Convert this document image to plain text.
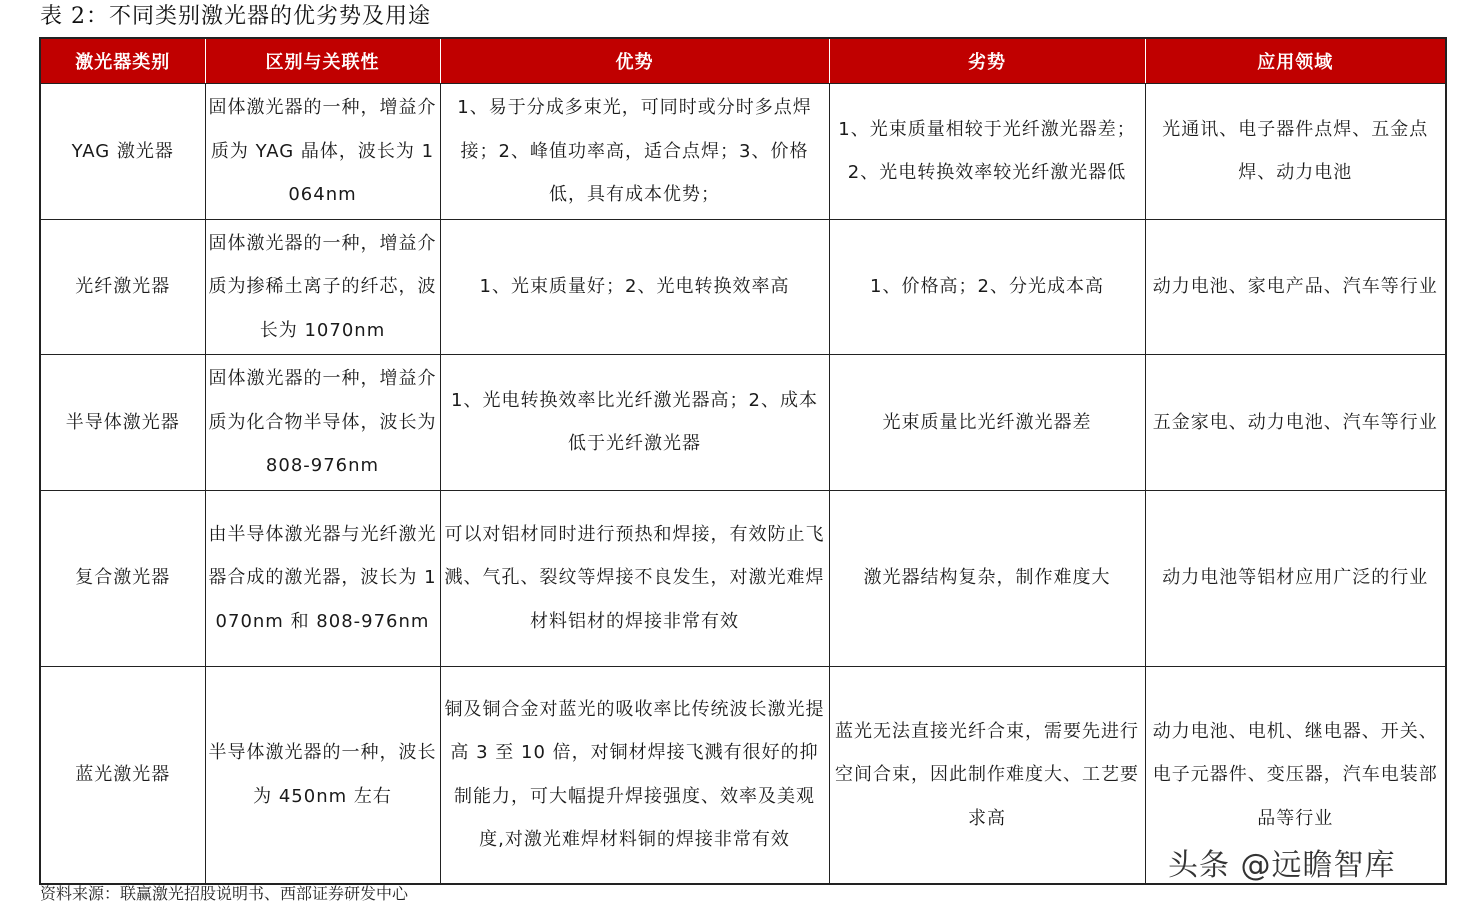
表 2：不同类别激光器的优劣势及用途
激光器类别	区别与关联性	优势	劣势	应用领域
YAG 激光器	固体激光器的一种，增益介质为 YAG 晶体，波长为 1064nm	1、易于分成多束光，可同时或分时多点焊接；2、峰值功率高，适合点焊；3、价格低，具有成本优势；	1、光束质量相较于光纤激光器差；2、光电转换效率较光纤激光器低	光通讯、电子器件点焊、五金点焊、动力电池
光纤激光器	固体激光器的一种，增益介质为掺稀土离子的纤芯，波长为 1070nm	1、光束质量好；2、光电转换效率高	1、价格高；2、分光成本高	动力电池、家电产品、汽车等行业
半导体激光器	固体激光器的一种，增益介质为化合物半导体，波长为 808-976nm	1、光电转换效率比光纤激光器高；2、成本低于光纤激光器	光束质量比光纤激光器差	五金家电、动力电池、汽车等行业
复合激光器	由半导体激光器与光纤激光器合成的激光器，波长为 1070nm 和 808-976nm	可以对铝材同时进行预热和焊接，有效防止飞溅、气孔、裂纹等焊接不良发生，对激光难焊材料铝材的焊接非常有效	激光器结构复杂，制作难度大	动力电池等铝材应用广泛的行业
蓝光激光器	半导体激光器的一种，波长为 450nm 左右	铜及铜合金对蓝光的吸收率比传统波长激光提高 3 至 10 倍，对铜材焊接飞溅有很好的抑制能力，可大幅提升焊接强度、效率及美观度,对激光难焊材料铜的焊接非常有效	蓝光无法直接光纤合束，需要先进行空间合束，因此制作难度大、工艺要求高	动力电池、电机、继电器、开关、电子元器件、变压器，汽车电装部品等行业
头条 @远瞻智库
资料来源：联赢激光招股说明书、西部证券研发中心
